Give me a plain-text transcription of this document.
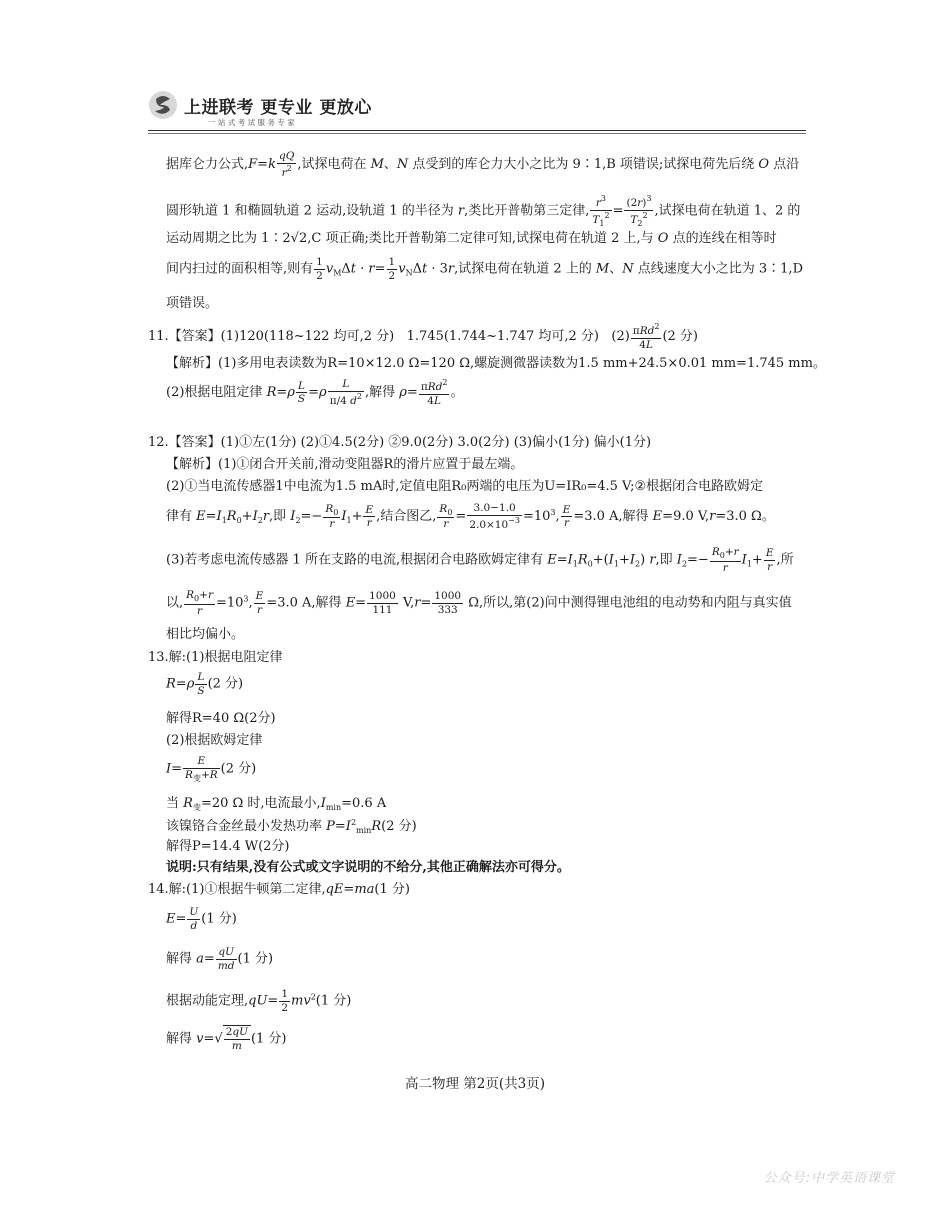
上进联考 更专业 更放心
一站式考试服务专家
据库仑力公式$,F=k \frac{qQ}{r^2}$ ,试探电荷在 M、N 点受到的库仑力大小之比为 9∶1,B 项错误;试探电荷先后绕 O 点沿
圆形轨道 1 和椭圆轨道 2 运动,设轨道 1 的半径为 r,类比开普勒第三定律, $\frac{r^3}{T_1^2} = \frac{(2r)^3}{T_2^2}$ ,试探电荷在轨道 1、2 的
运动周期之比为 1∶2√2,C 项正确;类比开普勒第二定律可知,试探电荷在轨道 2 上,与 O 点的连线在相等时
间内扫过的面积相等,则有 $\frac{1}{2} v_M\Delta t \cdot r= \frac{1}{2} v_N\Delta t \cdot 3r$,试探电荷在轨道 2 上的 M、N 点线速度大小之比为 3∶1,D
项错误。
11.【答案】(1)120(118~122 均可,2 分)   1.745(1.744~1.747 均可,2 分)   (2) πRd$^2$
4L
(2 分)
【解析】(1)多用电表读数为R=10×12.0 Ω=120 Ω,螺旋测微器读数为1.5 mm+24.5×0.01 mm=1.745 mm。
(2)根据电阻定律 $R=\rho \frac{L}{S} =\rho \frac{L}{\pi/4 d^2}$ ,解得 ρ= πRd$^2$
4L
。
12.【答案】(1)①左(1分) (2)①4.5(2分) ②9.0(2分) 3.0(2分) (3)偏小(1分) 偏小(1分)
【解析】(1)①闭合开关前,滑动变阻器R的滑片应置于最左端。
(2)①当电流传感器1中电流为1.5 mA时,定值电阻R₀两端的电压为U=IR₀=4.5 V;②根据闭合电路欧姆定
律有 $E=I_1R_0+I_2r$,即 $I_2=- \frac{R_0}{r} I_1+ \frac{E}{r}$ ,结合图乙, $\frac{R_0}{r} = \frac{3.0-1.0}{2.0\times 10^{-3}} =10^3$, $\frac{E}{r} =3.0$ A,解得 E=9.0 V,r=3.0 Ω。
(3)若考虑电流传感器 1 所在支路的电流,根据闭合电路欧姆定律有 $E=I_1R_0+(I_1+I_2)$ r,即 $I_2=- \frac{R_0+r}{r} I_1+ \frac{E}{r}$ ,所
以, $\frac{R_0+r}{r} =10^3$, $\frac{E}{r} =3.0$ A,解得 $E= \frac{1000}{111} V,r= \frac{1000}{333} \Omega$,所以,第(2)问中测得锂电池组的电动势和内阻与真实值
相比均偏小。
13.解:(1)根据电阻定律
$R=\rho \frac{L}{S} (2$ 分)
解得R=40 Ω(2分)
(2)根据欧姆定律
I=
E
$R_变+R$ (2 分)
当 $R_变=20$ Ω 时,电流最小$,I_{min}=0.6$ A
该镍铬合金丝最小发热功率 $P=I^2_{min}R(2$ 分)
解得P=14.4 W(2分)
说明:只有结果,没有公式或文字说明的不给分,其他正确解法亦可得分。
14.解:(1)①根据牛顿第二定律,qE=ma(1 分)
$E= \frac{U}{d} (1$ 分)
解得 $a= \frac{qU}{md} (1$ 分)
根据动能定理$,qU= \frac{1}{2} mv^2(1$ 分)
解得 $v=√ \frac{2qU}{m} (1$ 分)
高二物理 第2页(共3页)
公众号:中学英语课堂
